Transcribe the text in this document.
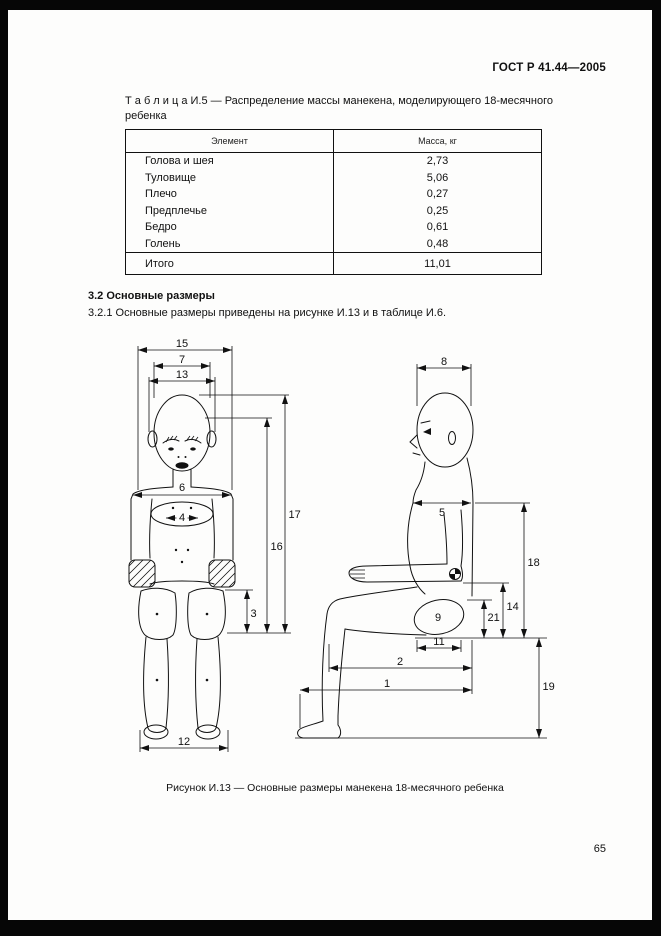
ГОСТ Р 41.44—2005
Т а б л и ц а И.5 — Распределение массы манекена, моделирующего 18-месячного ребенка
Элемент	Масса, кг
Голова и шея	2,73
Туловище	5,06
Плечо	0,27
Предплечье	0,25
Бедро	0,61
Голень	0,48
Итого	11,01
3.2 Основные размеры
3.2.1 Основные размеры приведены на рисунке И.13 и в таблице И.6.
15
7
13
6
4	17
16
3
12
8
5
18
14
21
9
11
2
1	19
Рисунок И.13 — Основные размеры манекена 18-месячного ребенка
65
